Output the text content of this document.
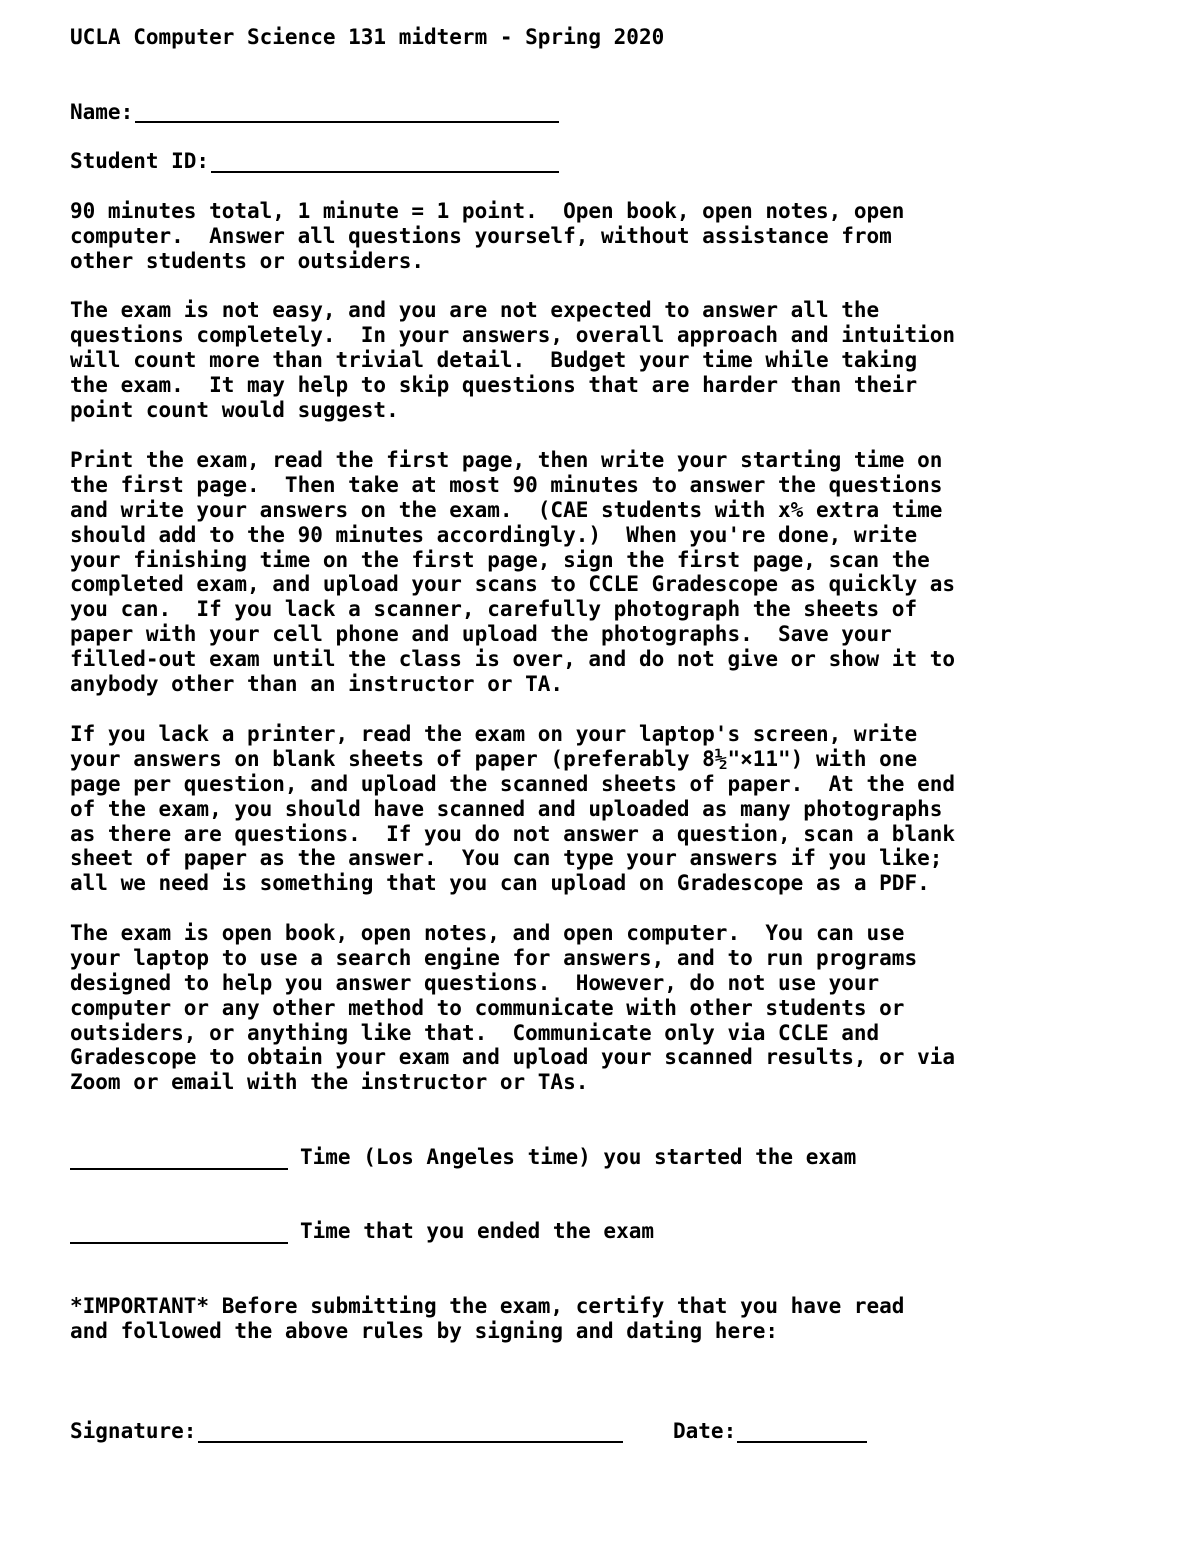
UCLA Computer Science 131 midterm - Spring 2020
Name:
Student ID:
90 minutes total, 1 minute = 1 point.  Open book, open notes, open
computer.  Answer all questions yourself, without assistance from
other students or outsiders.
The exam is not easy, and you are not expected to answer all the
questions completely.  In your answers, overall approach and intuition
will count more than trivial detail.  Budget your time while taking
the exam.  It may help to skip questions that are harder than their
point count would suggest.
Print the exam, read the first page, then write your starting time on
the first page.  Then take at most 90 minutes to answer the questions
and write your answers on the exam.  (CAE students with x% extra time
should add to the 90 minutes accordingly.)  When you're done, write
your finishing time on the first page, sign the first page, scan the
completed exam, and upload your scans to CCLE Gradescope as quickly as
you can.  If you lack a scanner, carefully photograph the sheets of
paper with your cell phone and upload the photographs.  Save your
filled-out exam until the class is over, and do not give or show it to
anybody other than an instructor or TA.
If you lack a printer, read the exam on your laptop's screen, write
your answers on blank sheets of paper (preferably 8½"×11") with one
page per question, and upload the scanned sheets of paper.  At the end
of the exam, you should have scanned and uploaded as many photographs
as there are questions.  If you do not answer a question, scan a blank
sheet of paper as the answer.  You can type your answers if you like;
all we need is something that you can upload on Gradescope as a PDF.
The exam is open book, open notes, and open computer.  You can use
your laptop to use a search engine for answers, and to run programs
designed to help you answer questions.  However, do not use your
computer or any other method to communicate with other students or
outsiders, or anything like that.  Communicate only via CCLE and
Gradescope to obtain your exam and upload your scanned results, or via
Zoom or email with the instructor or TAs.
Time (Los Angeles time) you started the exam
Time that you ended the exam
*IMPORTANT* Before submitting the exam, certify that you have read
and followed the above rules by signing and dating here:
Signature:	Date:
